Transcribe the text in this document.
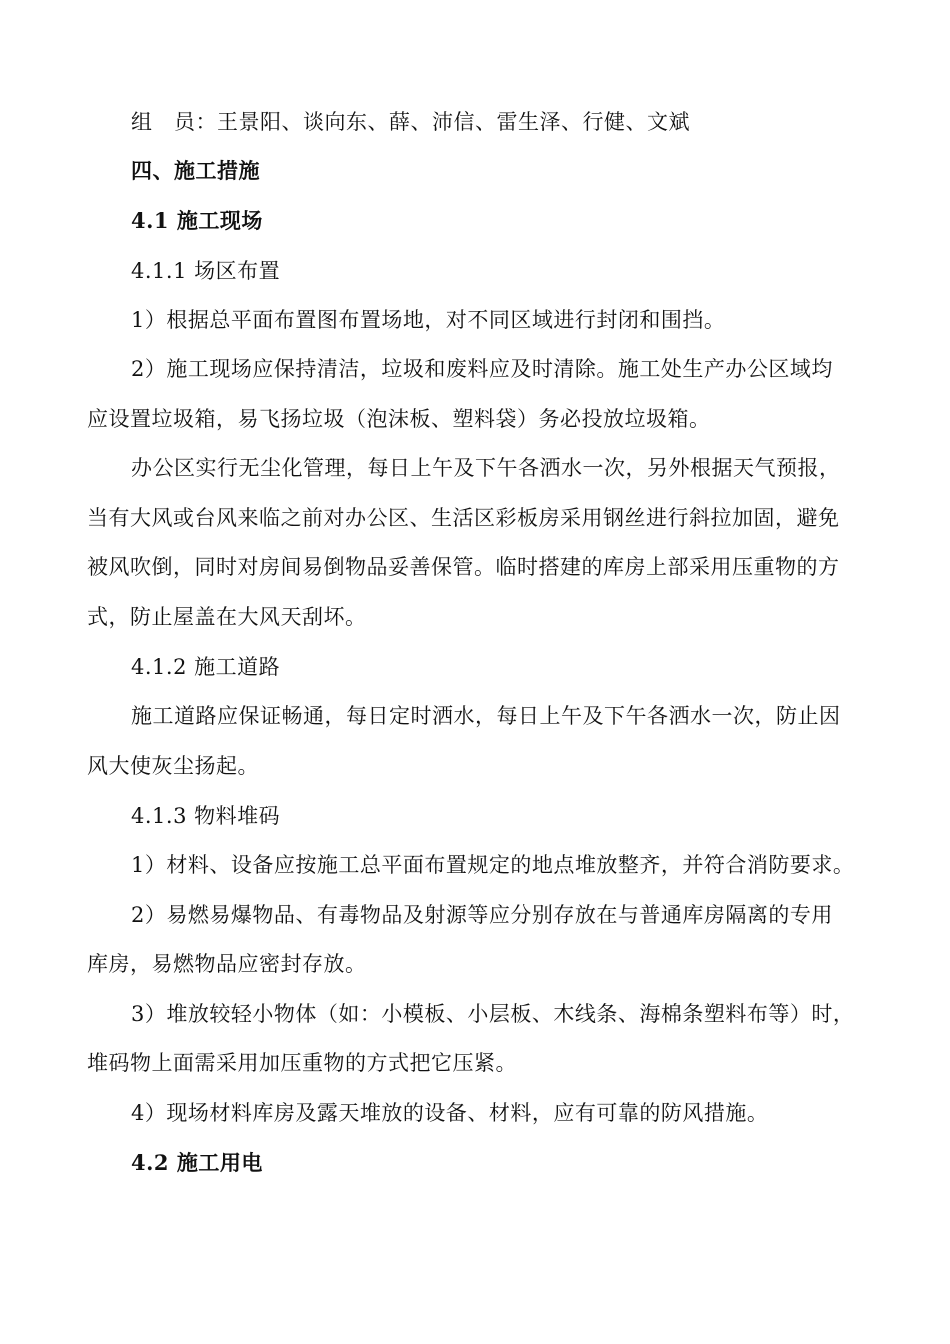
组　员：王景阳、谈向东、薛、沛信、雷生泽、行健、文斌
四、施工措施
4.1 施工现场
4.1.1 场区布置
1）根据总平面布置图布置场地，对不同区域进行封闭和围挡。
2）施工现场应保持清洁，垃圾和废料应及时清除。施工处生产办公区域均
应设置垃圾箱，易飞扬垃圾（泡沫板、塑料袋）务必投放垃圾箱。
办公区实行无尘化管理，每日上午及下午各洒水一次，另外根据天气预报，
当有大风或台风来临之前对办公区、生活区彩板房采用钢丝进行斜拉加固，避免
被风吹倒，同时对房间易倒物品妥善保管。临时搭建的库房上部采用压重物的方
式，防止屋盖在大风天刮坏。
4.1.2 施工道路
施工道路应保证畅通，每日定时洒水，每日上午及下午各洒水一次，防止因
风大使灰尘扬起。
4.1.3 物料堆码
1）材料、设备应按施工总平面布置规定的地点堆放整齐，并符合消防要求。
2）易燃易爆物品、有毒物品及射源等应分别存放在与普通库房隔离的专用
库房，易燃物品应密封存放。
3）堆放较轻小物体（如：小模板、小层板、木线条、海棉条塑料布等）时，
堆码物上面需采用加压重物的方式把它压紧。
4）现场材料库房及露天堆放的设备、材料，应有可靠的防风措施。
4.2 施工用电
